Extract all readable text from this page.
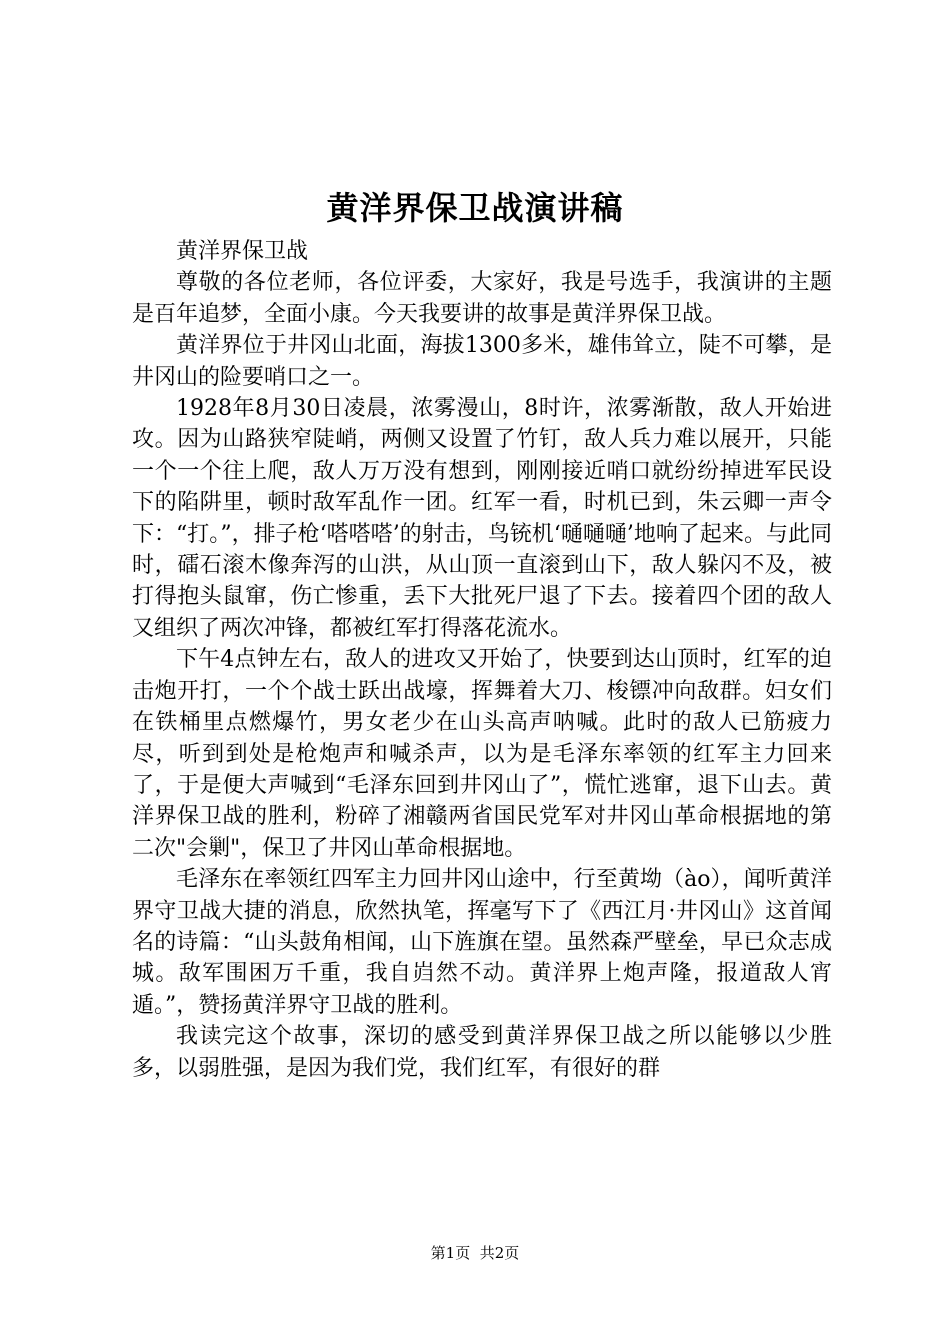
黄洋界保卫战演讲稿

黄洋界保卫战

尊敬的各位老师，各位评委，大家好，我是号选手，我演讲的主题是百年追梦，全面小康。今天我要讲的故事是黄洋界保卫战。

黄洋界位于井冈山北面，海拔1300多米，雄伟耸立，陡不可攀，是井冈山的险要哨口之一。

1928年8月30日凌晨，浓雾漫山，8时许，浓雾渐散，敌人开始进攻。因为山路狭窄陡峭，两侧又设置了竹钉，敌人兵力难以展开，只能一个一个往上爬，敌人万万没有想到，刚刚接近哨口就纷纷掉进军民设下的陷阱里，顿时敌军乱作一团。红军一看，时机已到，朱云卿一声令下：“打。”，排子枪‘嗒嗒嗒’的射击，鸟铳机‘嗵嗵嗵’地响了起来。与此同时，礌石滚木像奔泻的山洪，从山顶一直滚到山下，敌人躲闪不及，被打得抱头鼠窜，伤亡惨重，丢下大批死尸退了下去。接着四个团的敌人又组织了两次冲锋，都被红军打得落花流水。

下午4点钟左右，敌人的进攻又开始了，快要到达山顶时，红军的迫击炮开打，一个个战士跃出战壕，挥舞着大刀、梭镖冲向敌群。妇女们在铁桶里点燃爆竹，男女老少在山头高声呐喊。此时的敌人已筋疲力尽，听到到处是枪炮声和喊杀声，以为是毛泽东率领的红军主力回来了，于是便大声喊到“毛泽东回到井冈山了”，慌忙逃窜，退下山去。黄洋界保卫战的胜利，粉碎了湘赣两省国民党军对井冈山革命根据地的第二次"会剿"，保卫了井冈山革命根据地。

毛泽东在率领红四军主力回井冈山途中，行至黄坳（ào），闻听黄洋界守卫战大捷的消息，欣然执笔，挥毫写下了《西江月·井冈山》这首闻名的诗篇：“山头鼓角相闻，山下旌旗在望。虽然森严壁垒，早已众志成城。敌军围困万千重，我自岿然不动。黄洋界上炮声隆，报道敌人宵遁。”，赞扬黄洋界守卫战的胜利。

我读完这个故事，深切的感受到黄洋界保卫战之所以能够以少胜多，以弱胜强，是因为我们党，我们红军，有很好的群

第1页 共2页
